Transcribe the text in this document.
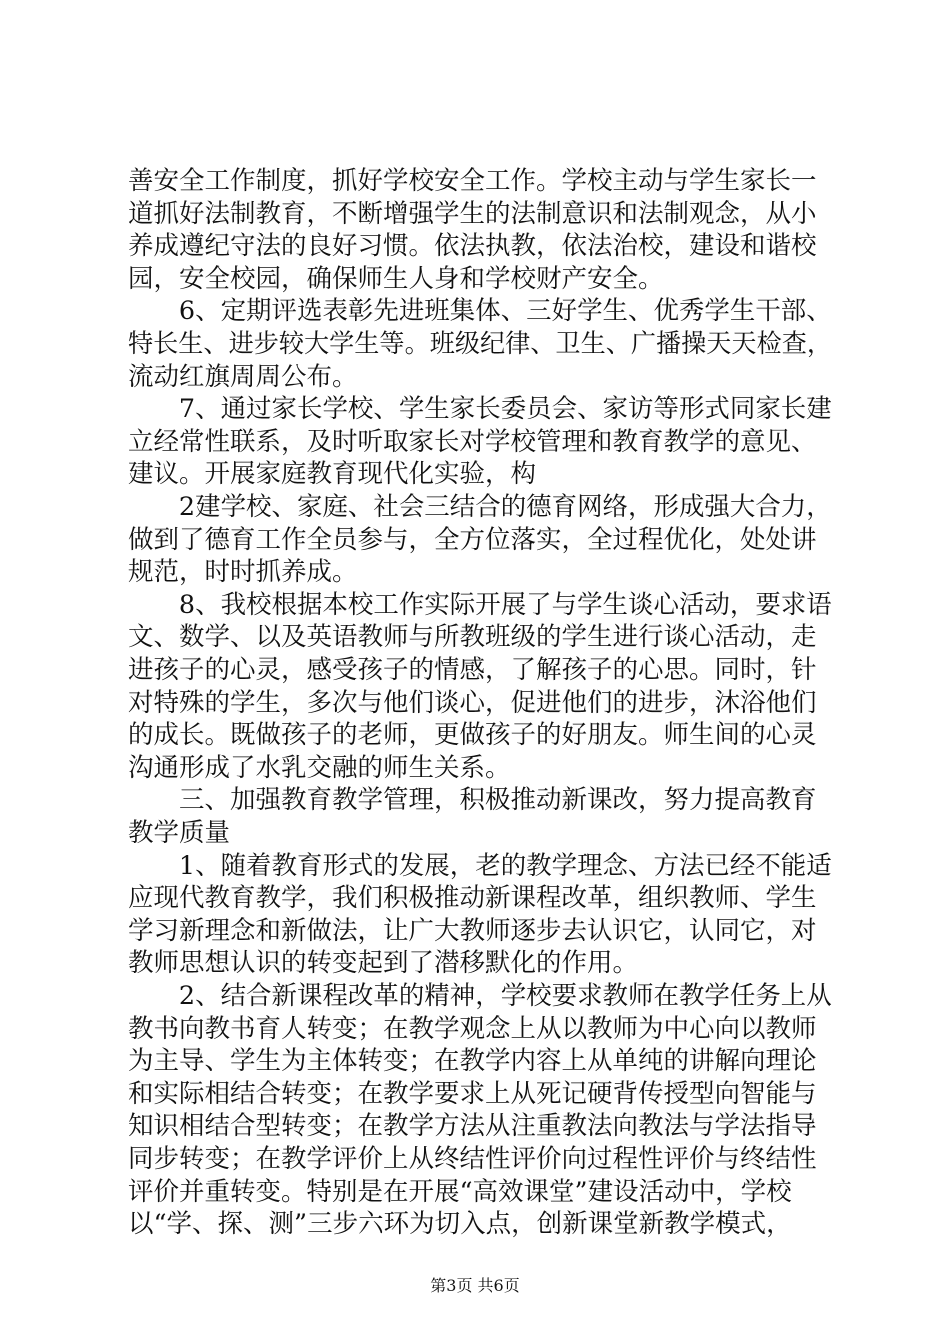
善安全工作制度，抓好学校安全工作。学校主动与学生家长一
道抓好法制教育，不断增强学生的法制意识和法制观念，从小
养成遵纪守法的良好习惯。依法执教，依法治校，建设和谐校
园，安全校园，确保师生人身和学校财产安全。
　　6、定期评选表彰先进班集体、三好学生、优秀学生干部、
特长生、进步较大学生等。班级纪律、卫生、广播操天天检查，
流动红旗周周公布。
　　7、通过家长学校、学生家长委员会、家访等形式同家长建
立经常性联系，及时听取家长对学校管理和教育教学的意见、
建议。开展家庭教育现代化实验，构
　　2建学校、家庭、社会三结合的德育网络，形成强大合力，
做到了德育工作全员参与，全方位落实，全过程优化，处处讲
规范，时时抓养成。
　　8、我校根据本校工作实际开展了与学生谈心活动，要求语
文、数学、以及英语教师与所教班级的学生进行谈心活动，走
进孩子的心灵，感受孩子的情感，了解孩子的心思。同时，针
对特殊的学生，多次与他们谈心，促进他们的进步，沐浴他们
的成长。既做孩子的老师，更做孩子的好朋友。师生间的心灵
沟通形成了水乳交融的师生关系。
　　三、加强教育教学管理，积极推动新课改，努力提高教育
教学质量
　　1、随着教育形式的发展，老的教学理念、方法已经不能适
应现代教育教学，我们积极推动新课程改革，组织教师、学生
学习新理念和新做法，让广大教师逐步去认识它，认同它，对
教师思想认识的转变起到了潜移默化的作用。
　　2、结合新课程改革的精神，学校要求教师在教学任务上从
教书向教书育人转变；在教学观念上从以教师为中心向以教师
为主导、学生为主体转变；在教学内容上从单纯的讲解向理论
和实际相结合转变；在教学要求上从死记硬背传授型向智能与
知识相结合型转变；在教学方法从注重教法向教法与学法指导
同步转变；在教学评价上从终结性评价向过程性评价与终结性
评价并重转变。特别是在开展“高效课堂”建设活动中，学校
以“学、探、测”三步六环为切入点，创新课堂新教学模式，
第3页 共6页
